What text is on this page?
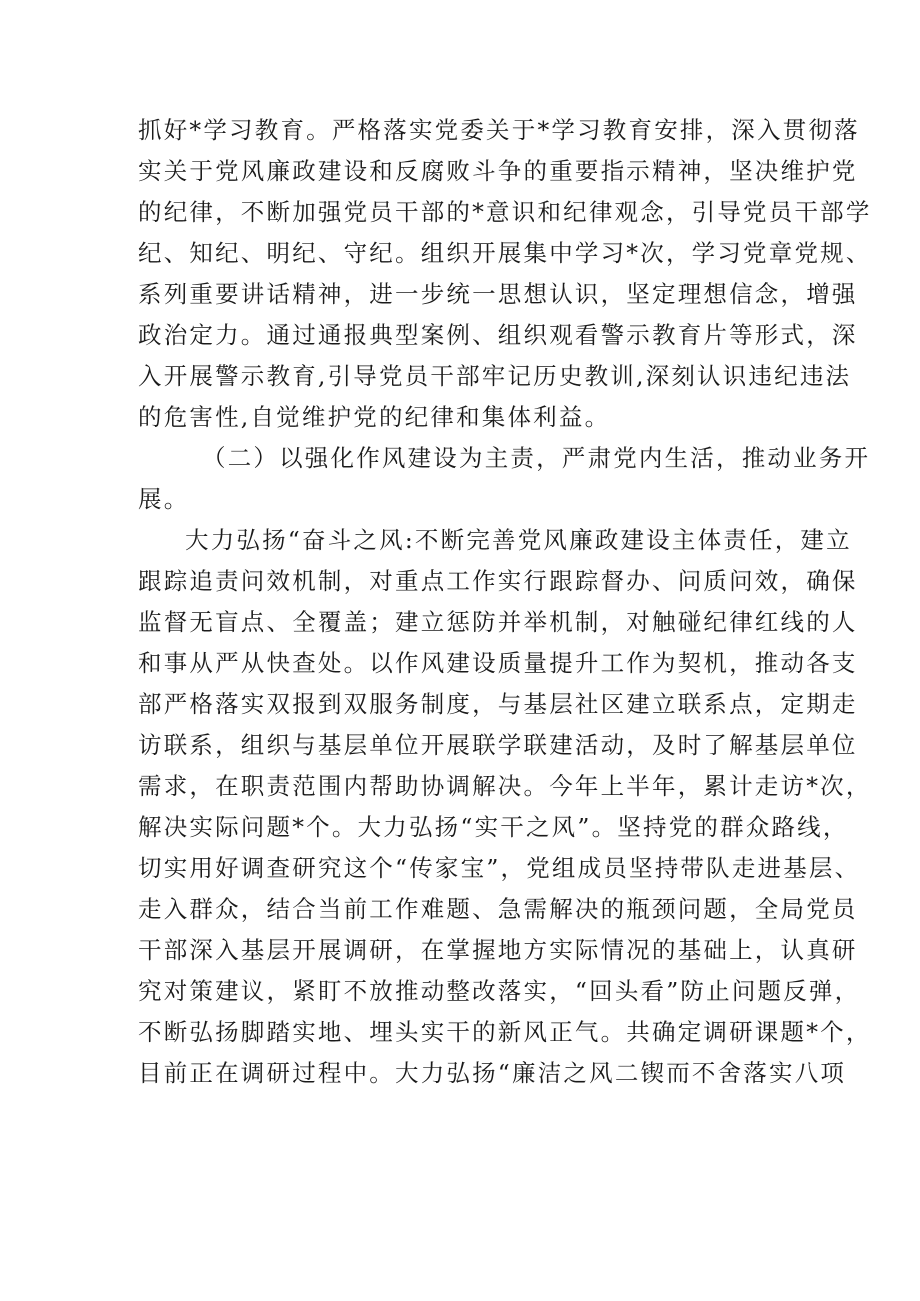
抓好*学习教育。严格落实党委关于*学习教育安排，深入贯彻落
实关于党风廉政建设和反腐败斗争的重要指示精神，坚决维护党
的纪律，不断加强党员干部的*意识和纪律观念，引导党员干部学
纪、知纪、明纪、守纪。组织开展集中学习*次，学习党章党规、
系列重要讲话精神，进一步统一思想认识，坚定理想信念，增强
政治定力。通过通报典型案例、组织观看警示教育片等形式，深
入开展警示教育,引导党员干部牢记历史教训,深刻认识违纪违法
的危害性,自觉维护党的纪律和集体利益。
（二）以强化作风建设为主责，严肃党内生活，推动业务开
展。
大力弘扬“奋斗之风:不断完善党风廉政建设主体责任，建立
跟踪追责问效机制，对重点工作实行跟踪督办、问质问效，确保
监督无盲点、全覆盖；建立惩防并举机制，对触碰纪律红线的人
和事从严从快查处。以作风建设质量提升工作为契机，推动各支
部严格落实双报到双服务制度，与基层社区建立联系点，定期走
访联系，组织与基层单位开展联学联建活动，及时了解基层单位
需求，在职责范围内帮助协调解决。今年上半年，累计走访*次，
解决实际问题*个。大力弘扬“实干之风”。坚持党的群众路线，
切实用好调查研究这个“传家宝”，党组成员坚持带队走进基层、
走入群众，结合当前工作难题、急需解决的瓶颈问题，全局党员
干部深入基层开展调研，在掌握地方实际情况的基础上，认真研
究对策建议，紧盯不放推动整改落实，“回头看”防止问题反弹，
不断弘扬脚踏实地、埋头实干的新风正气。共确定调研课题*个，
目前正在调研过程中。大力弘扬“廉洁之风二锲而不舍落实八项
